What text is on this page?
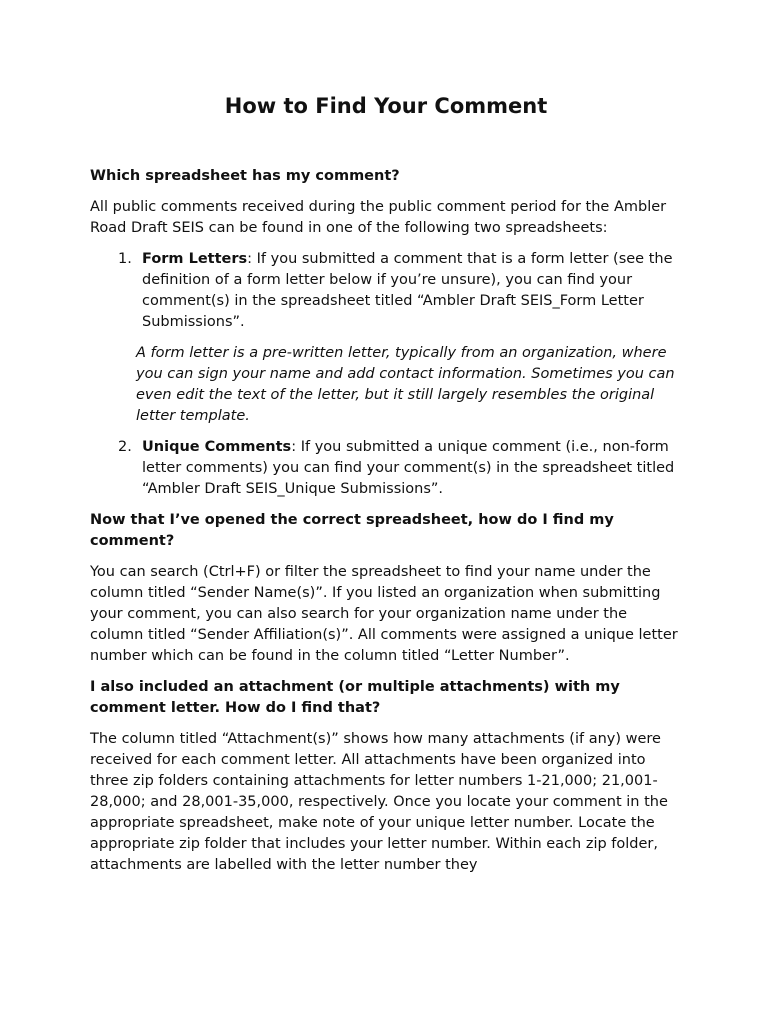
How to Find Your Comment
Which spreadsheet has my comment?

All public comments received during the public comment period for the Ambler Road Draft SEIS can be found in one of the following two spreadsheets:

1. Form Letters: If you submitted a comment that is a form letter (see the definition of a form letter below if you’re unsure), you can find your comment(s) in the spreadsheet titled “Ambler Draft SEIS_Form Letter Submissions”.

A form letter is a pre-written letter, typically from an organization, where you can sign your name and add contact information. Sometimes you can even edit the text of the letter, but it still largely resembles the original letter template.

2. Unique Comments: If you submitted a unique comment (i.e., non-form letter comments) you can find your comment(s) in the spreadsheet titled “Ambler Draft SEIS_Unique Submissions”.
Now that I’ve opened the correct spreadsheet, how do I find my comment?

You can search (Ctrl+F) or filter the spreadsheet to find your name under the column titled “Sender Name(s)”. If you listed an organization when submitting your comment, you can also search for your organization name under the column titled “Sender Affiliation(s)”. All comments were assigned a unique letter number which can be found in the column titled “Letter Number”.

I also included an attachment (or multiple attachments) with my comment letter. How do I find that?

The column titled “Attachment(s)” shows how many attachments (if any) were received for each comment letter. All attachments have been organized into three zip folders containing attachments for letter numbers 1-21,000; 21,001-28,000; and 28,001-35,000, respectively. Once you locate your comment in the appropriate spreadsheet, make note of your unique letter number. Locate the appropriate zip folder that includes your letter number. Within each zip folder, attachments are labelled with the letter number they
